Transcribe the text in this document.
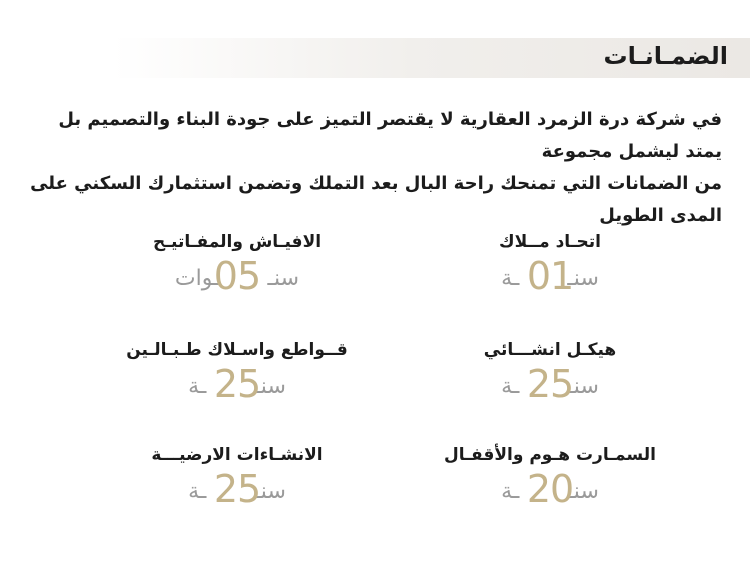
الضمـانـات
في شركة درة الزمرد العقارية لا يقتصر التميز على جودة البناء والتصميم بل يمتد ليشمل مجموعة
من الضمانات التي تمنحك راحة البال بعد التملك وتضمن استثمارك السكني على المدى الطويل
اتحـاد مــلاك
سنــة 01
هيكـل انشـــائي
سنــة 25
السمـارت هـوم والأقفـال
سنــة 20
الافيـاش والمفـاتيـح
سنــوات
05
قــواطع واسـلاك طـبـالـين
سنــة 25
الانشـاءات الارضيـــة
سنــة 25
